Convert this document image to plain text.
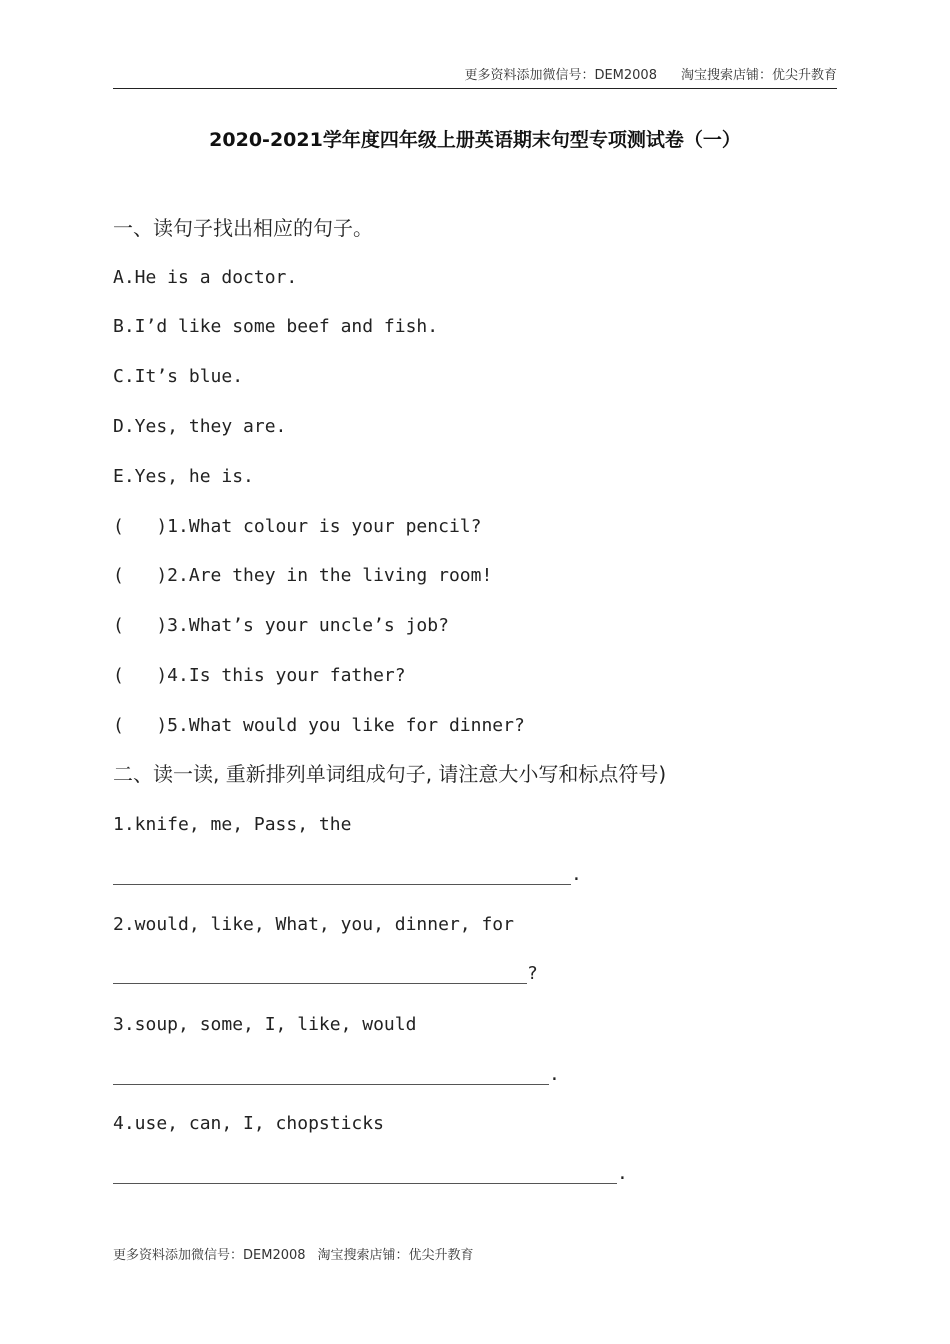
更多资料添加微信号：DEM2008 淘宝搜索店铺：优尖升教育
2020-2021学年度四年级上册英语期末句型专项测试卷（一）
一、读句子找出相应的句子。
A.He is a doctor.
B.I’d like some beef and fish.
C.It’s blue.
D.Yes, they are.
E.Yes, he is.
(   )1.What colour is your pencil?
(   )2.Are they in the living room!
(   )3.What’s your uncle’s job?
(   )4.Is this your father?
(   )5.What would you like for dinner?
二、读一读, 重新排列单词组成句子, 请注意大小写和标点符号)
1.knife, me, Pass, the
.
2.would, like, What, you, dinner, for
?
3.soup, some, I, like, would
.
4.use, can, I, chopsticks
.
更多资料添加微信号：DEM2008 淘宝搜索店铺：优尖升教育
